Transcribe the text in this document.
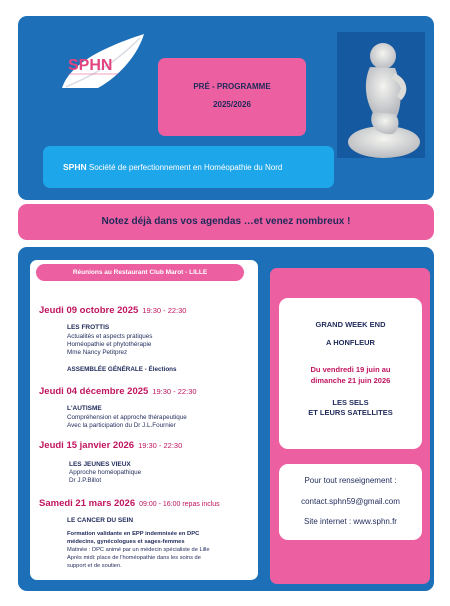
SPHN
PRÉ - PROGRAMME
2025/2026
SPHN Société de perfectionnement en Homéopathie du Nord
Notez déjà dans vos agendas …et venez nombreux !
Réunions au Restaurant Club Marot - LILLE
Jeudi 09 octobre 2025 19:30 - 22:30
LES FROTTIS
Actualités et aspects pratiques
Homéopathie et phytothérapie
Mme Nancy Petitprez
ASSEMBLÉE GÉNÉRALE - Élections
Jeudi 04 décembre 2025 19:30 - 22:30
L'AUTISME
Compréhension et approche thérapeutique
Avec la participation du Dr J.L.Fournier
Jeudi 15 janvier 2026 19:30 - 22:30
LES JEUNES VIEUX
Approche homéopathique
Dr J.P.Billot
Samedi 21 mars 2026 09:00 - 16:00 repas inclus
LE CANCER DU SEIN
Formation validante en EPP indemnisée en DPC
médecins, gynécologues et sages-femmes
Matinée : DPC animé par un médecin spécialiste de Lille
Après midi: place de l'homéopathie dans les soins de
support et de soutien.
GRAND WEEK END
A HONFLEUR
Du vendredi 19 juin au
dimanche 21 juin 2026
LES SELS
ET LEURS SATELLITES
Pour tout renseignement :
contact.sphn59@gmail.com
Site internet : www.sphn.fr
